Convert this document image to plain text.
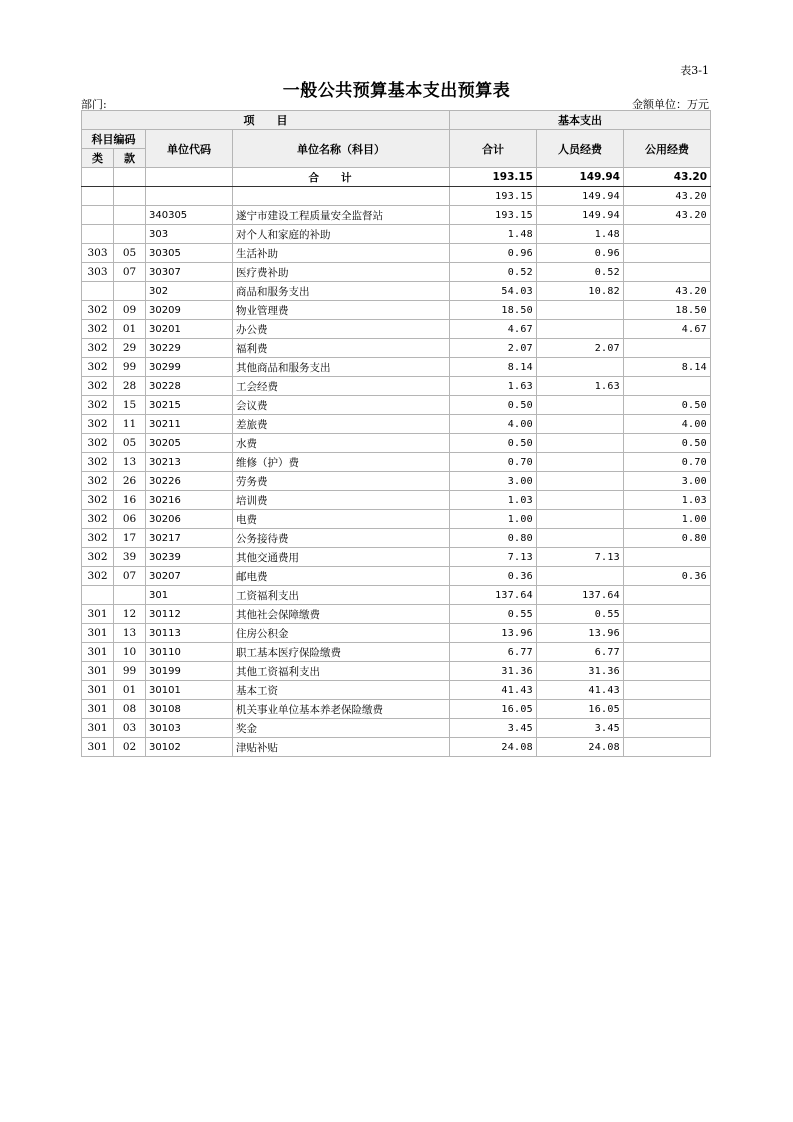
表3-1
一般公共预算基本支出预算表
部门:	金额单位：万元
项　　目				基本支出		
科目编码		单位代码	单位名称（科目）	合计	人员经费	公用经费
类	款					
			合计	193.15	149.94	43.20
				193.15	149.94	43.20
		340305	遂宁市建设工程质量安全监督站	193.15	149.94	43.20
		303	对个人和家庭的补助	1.48	1.48	
303	05	30305	生活补助	0.96	0.96	
303	07	30307	医疗费补助	0.52	0.52	
		302	商品和服务支出	54.03	10.82	43.20
302	09	30209	物业管理费	18.50		18.50
302	01	30201	办公费	4.67		4.67
302	29	30229	福利费	2.07	2.07	
302	99	30299	其他商品和服务支出	8.14		8.14
302	28	30228	工会经费	1.63	1.63	
302	15	30215	会议费	0.50		0.50
302	11	30211	差旅费	4.00		4.00
302	05	30205	水费	0.50		0.50
302	13	30213	维修（护）费	0.70		0.70
302	26	30226	劳务费	3.00		3.00
302	16	30216	培训费	1.03		1.03
302	06	30206	电费	1.00		1.00
302	17	30217	公务接待费	0.80		0.80
302	39	30239	其他交通费用	7.13	7.13	
302	07	30207	邮电费	0.36		0.36
		301	工资福利支出	137.64	137.64	
301	12	30112	其他社会保障缴费	0.55	0.55	
301	13	30113	住房公积金	13.96	13.96	
301	10	30110	职工基本医疗保险缴费	6.77	6.77	
301	99	30199	其他工资福利支出	31.36	31.36	
301	01	30101	基本工资	41.43	41.43	
301	08	30108	机关事业单位基本养老保险缴费	16.05	16.05	
301	03	30103	奖金	3.45	3.45	
301	02	30102	津贴补贴	24.08	24.08	
